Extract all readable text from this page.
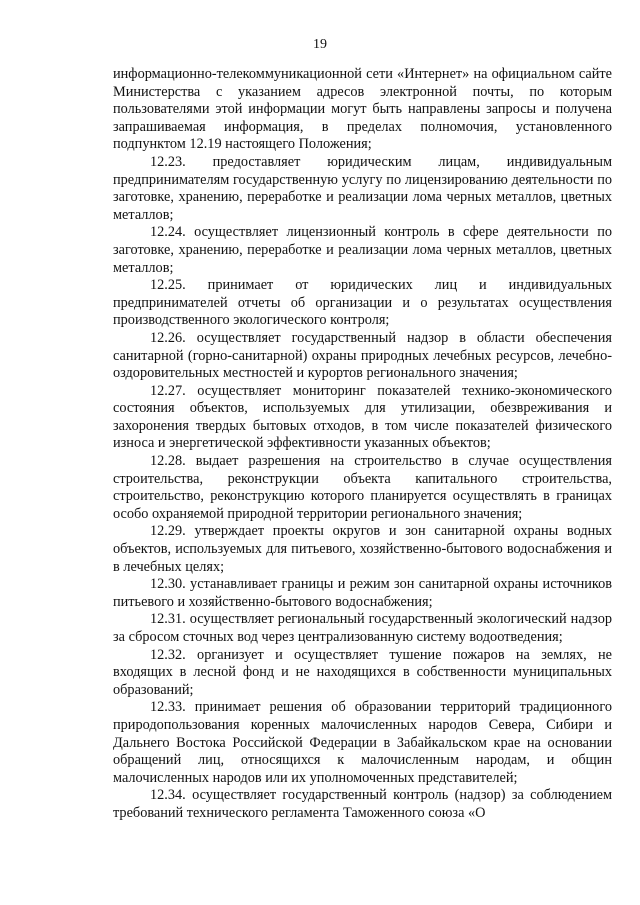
19

информационно-телекоммуникационной сети «Интернет» на официальном сайте Министерства с указанием адресов электронной почты, по которым пользователями этой информации могут быть направлены запросы и получена запрашиваемая информация, в пределах полномочия, установленного подпунктом 12.19 настоящего Положения;

12.23. предоставляет юридическим лицам, индивидуальным предпринимателям государственную услугу по лицензированию деятельности по заготовке, хранению, переработке и реализации лома черных металлов, цветных металлов;

12.24. осуществляет лицензионный контроль в сфере деятельности по заготовке, хранению, переработке и реализации лома черных металлов, цветных металлов;

12.25. принимает от юридических лиц и индивидуальных предпринимателей отчеты об организации и о результатах осуществления производственного экологического контроля;

12.26. осуществляет государственный надзор в области обеспечения санитарной (горно-санитарной) охраны природных лечебных ресурсов, лечебно-оздоровительных местностей и курортов регионального значения;

12.27. осуществляет мониторинг показателей технико-экономического состояния объектов, используемых для утилизации, обезвреживания и захоронения твердых бытовых отходов, в том числе показателей физического износа и энергетической эффективности указанных объектов;

12.28. выдает разрешения на строительство в случае осуществления строительства, реконструкции объекта капитального строительства, строительство, реконструкцию которого планируется осуществлять в границах особо охраняемой природной территории регионального значения;

12.29. утверждает проекты округов и зон санитарной охраны водных объектов, используемых для питьевого, хозяйственно-бытового водоснабжения и в лечебных целях;

12.30. устанавливает границы и режим зон санитарной охраны источников питьевого и хозяйственно-бытового водоснабжения;

12.31. осуществляет региональный государственный экологический надзор за сбросом сточных вод через централизованную систему водоотведения;

12.32. организует и осуществляет тушение пожаров на землях, не входящих в лесной фонд и не находящихся в собственности муниципальных образований;

12.33. принимает решения об образовании территорий традиционного природопользования коренных малочисленных народов Севера, Сибири и Дальнего Востока Российской Федерации в Забайкальском крае на основании обращений лиц, относящихся к малочисленным народам, и общин малочисленных народов или их уполномоченных представителей;

12.34. осуществляет государственный контроль (надзор) за соблюдением требований технического регламента Таможенного союза «О
